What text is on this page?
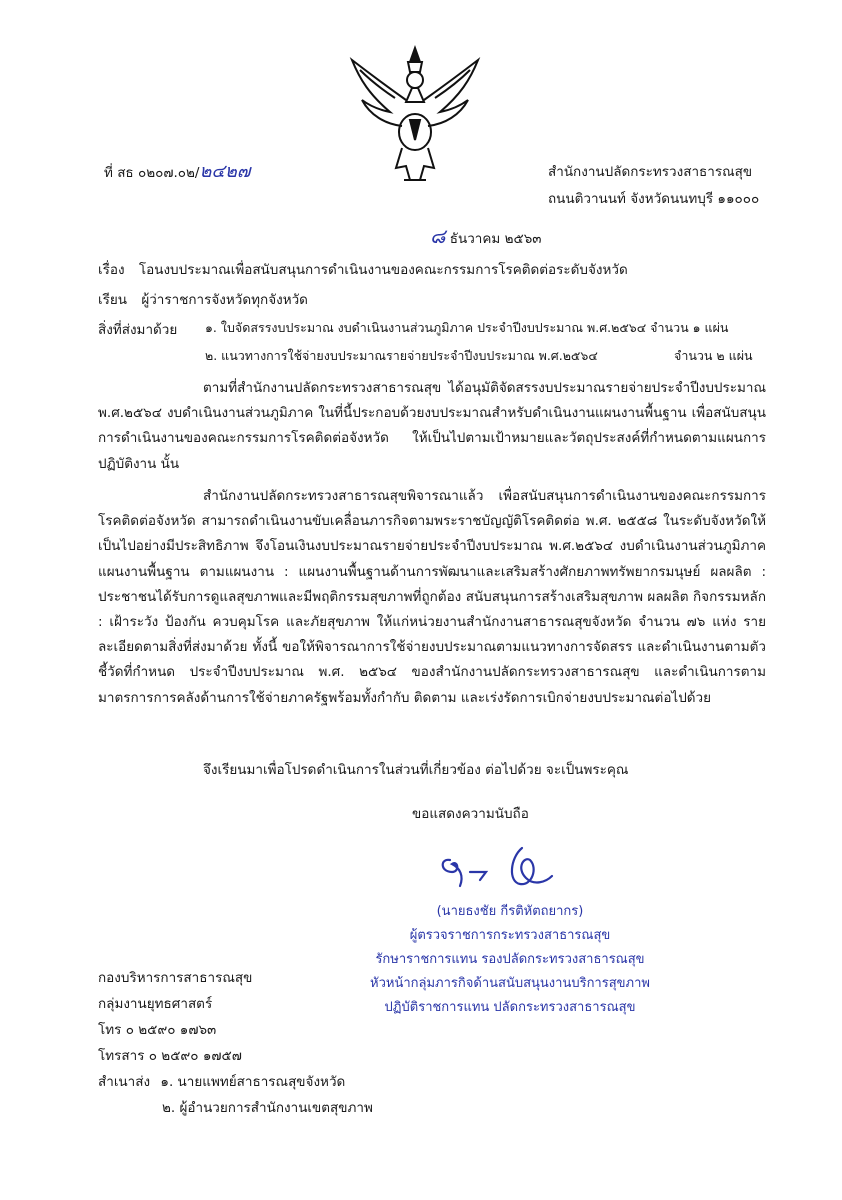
ที่ สธ ๐๒๐๗.๐๒/๒๔๒๗	สำนักงานปลัดกระทรวงสาธารณสุข
ถนนติวานนท์ จังหวัดนนทบุรี ๑๑๐๐๐
๘ ธันวาคม ๒๕๖๓
เรื่อง โอนงบประมาณเพื่อสนับสนุนการดำเนินงานของคณะกรรมการโรคติดต่อระดับจังหวัด
เรียน ผู้ว่าราชการจังหวัดทุกจังหวัด
สิ่งที่ส่งมาด้วย ๑. ใบจัดสรรงบประมาณ งบดำเนินงานส่วนภูมิภาค ประจำปีงบประมาณ พ.ศ.๒๕๖๔ จำนวน ๑ แผ่น
๒. แนวทางการใช้จ่ายงบประมาณรายจ่ายประจำปีงบประมาณ พ.ศ.๒๕๖๔	จำนวน ๒ แผ่น
ตามที่สำนักงานปลัดกระทรวงสาธารณสุข ได้อนุมัติจัดสรรงบประมาณรายจ่ายประจำปีงบประมาณ พ.ศ.๒๕๖๔ งบดำเนินงานส่วนภูมิภาค ในที่นี้ประกอบด้วยงบประมาณสำหรับดำเนินงานแผนงานพื้นฐาน เพื่อสนับสนุนการดำเนินงานของคณะกรรมการโรคติดต่อจังหวัด ให้เป็นไปตามเป้าหมายและวัตถุประสงค์ที่กำหนดตามแผนการปฏิบัติงาน นั้น
สำนักงานปลัดกระทรวงสาธารณสุขพิจารณาแล้ว เพื่อสนับสนุนการดำเนินงานของคณะกรรมการโรคติดต่อจังหวัด สามารถดำเนินงานขับเคลื่อนภารกิจตามพระราชบัญญัติโรคติดต่อ พ.ศ. ๒๕๕๘ ในระดับจังหวัดให้เป็นไปอย่างมีประสิทธิภาพ จึงโอนเงินงบประมาณรายจ่ายประจำปีงบประมาณ พ.ศ.๒๕๖๔ งบดำเนินงานส่วนภูมิภาค แผนงานพื้นฐาน ตามแผนงาน : แผนงานพื้นฐานด้านการพัฒนาและเสริมสร้างศักยภาพทรัพยากรมนุษย์ ผลผลิต : ประชาชนได้รับการดูแลสุขภาพและมีพฤติกรรมสุขภาพที่ถูกต้อง สนับสนุนการสร้างเสริมสุขภาพ ผลผลิต กิจกรรมหลัก : เฝ้าระวัง ป้องกัน ควบคุมโรค และภัยสุขภาพ ให้แก่หน่วยงานสำนักงานสาธารณสุขจังหวัด จำนวน ๗๖ แห่ง รายละเอียดตามสิ่งที่ส่งมาด้วย ทั้งนี้ ขอให้พิจารณาการใช้จ่ายงบประมาณตามแนวทางการจัดสรร และดำเนินงานตามตัวชี้วัดที่กำหนด ประจำปีงบประมาณ พ.ศ. ๒๕๖๔ ของสำนักงานปลัดกระทรวงสาธารณสุข และดำเนินการตามมาตรการการคลังด้านการใช้จ่ายภาครัฐพร้อมทั้งกำกับ ติดตาม และเร่งรัดการเบิกจ่ายงบประมาณต่อไปด้วย
จึงเรียนมาเพื่อโปรดดำเนินการในส่วนที่เกี่ยวข้อง ต่อไปด้วย จะเป็นพระคุณ
ขอแสดงความนับถือ
(นายธงชัย กีรติหัตถยากร)
ผู้ตรวจราชการกระทรวงสาธารณสุข
รักษาราชการแทน รองปลัดกระทรวงสาธารณสุข
หัวหน้ากลุ่มภารกิจด้านสนับสนุนงานบริการสุขภาพ
ปฏิบัติราชการแทน ปลัดกระทรวงสาธารณสุข
กองบริหารการสาธารณสุข
กลุ่มงานยุทธศาสตร์
โทร ๐ ๒๕๙๐ ๑๗๖๓
โทรสาร ๐ ๒๕๙๐ ๑๗๕๗
สำเนาส่ง ๑. นายแพทย์สาธารณสุขจังหวัด
๒. ผู้อำนวยการสำนักงานเขตสุขภาพ
